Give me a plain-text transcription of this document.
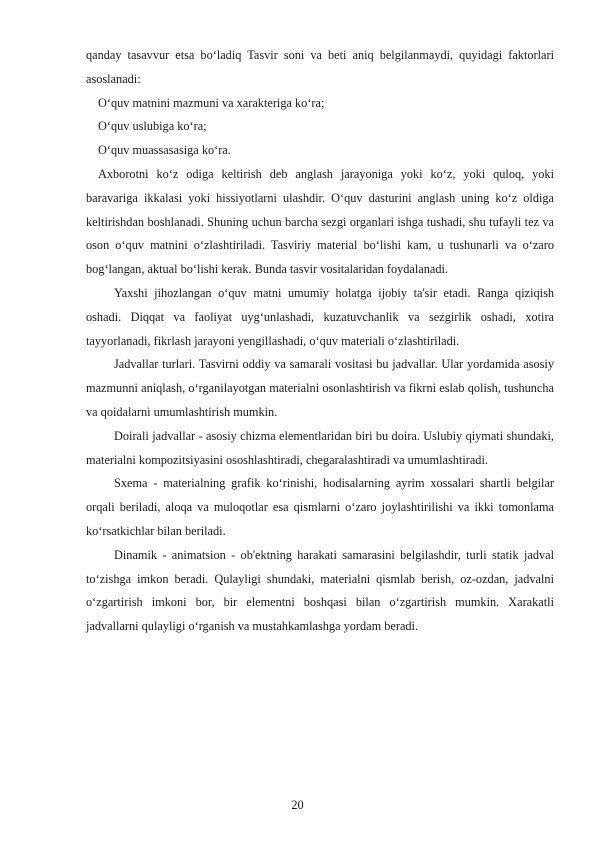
qanday tasavvur etsa bo‘ladiq Tasvir soni va beti aniq belgilanmaydi, quyidagi faktorlari asoslanadi:

O‘quv matnini mazmuni va xarakteriga ko‘ra;

O‘quv uslubiga ko‘ra;

O‘quv muassasasiga ko‘ra.

Axborotni ko‘z odiga keltirish deb anglash jarayoniga yoki ko‘z, yoki quloq, yoki baravariga ikkalasi yoki hissiyotlarni ulashdir. O‘quv dasturini anglash uning ko‘z oldiga keltirishdan boshlanadi. Shuning uchun barcha sezgi organlari ishga tushadi, shu tufayli tez va oson o‘quv matnini o‘zlashtiriladi. Tasviriy material bo‘lishi kam, u tushunarli va o‘zaro bog‘langan, aktual bo‘lishi kerak. Bunda tasvir vositalaridan foydalanadi.

Yaxshi jihozlangan o‘quv matni umumiy holatga ijobiy ta'sir etadi. Ranga qiziqish oshadi. Diqqat va faoliyat uyg‘unlashadi, kuzatuvchanlik va sezgirlik oshadi, xotira tayyorlanadi, fikrlash jarayoni yengillashadi, o‘quv materiali o‘zlashtiriladi.

Jadvallar turlari. Tasvirni oddiy va samarali vositasi bu jadvallar. Ular yordamida asosiy mazmunni aniqlash, o‘rganilayotgan materialni osonlashtirish va fikrni eslab qolish, tushuncha va qoidalarni umumlashtirish mumkin.

Doirali jadvallar - asosiy chizma elementlaridan biri bu doira. Uslubiy qiymati shundaki, materialni kompozitsiyasini ososhlashtiradi, chegaralashtiradi va umumlashtiradi.

Sxema - materialning grafik ko‘rinishi, hodisalarning ayrim xossalari shartli belgilar orqali beriladi, aloqa va muloqotlar esa qismlarni o‘zaro joylashtirilishi va ikki tomonlama ko‘rsatkichlar bilan beriladi.

Dinamik - animatsion - ob'ektning harakati samarasini belgilashdir, turli statik jadval to‘zishga imkon beradi. Qulayligi shundaki, materialni qismlab berish, oz-ozdan, jadvalni o‘zgartirish imkoni bor, bir elementni boshqasi bilan o‘zgartirish mumkin. Xarakatli jadvallarni qulayligi o‘rganish va mustahkamlashga yordam beradi.

20
